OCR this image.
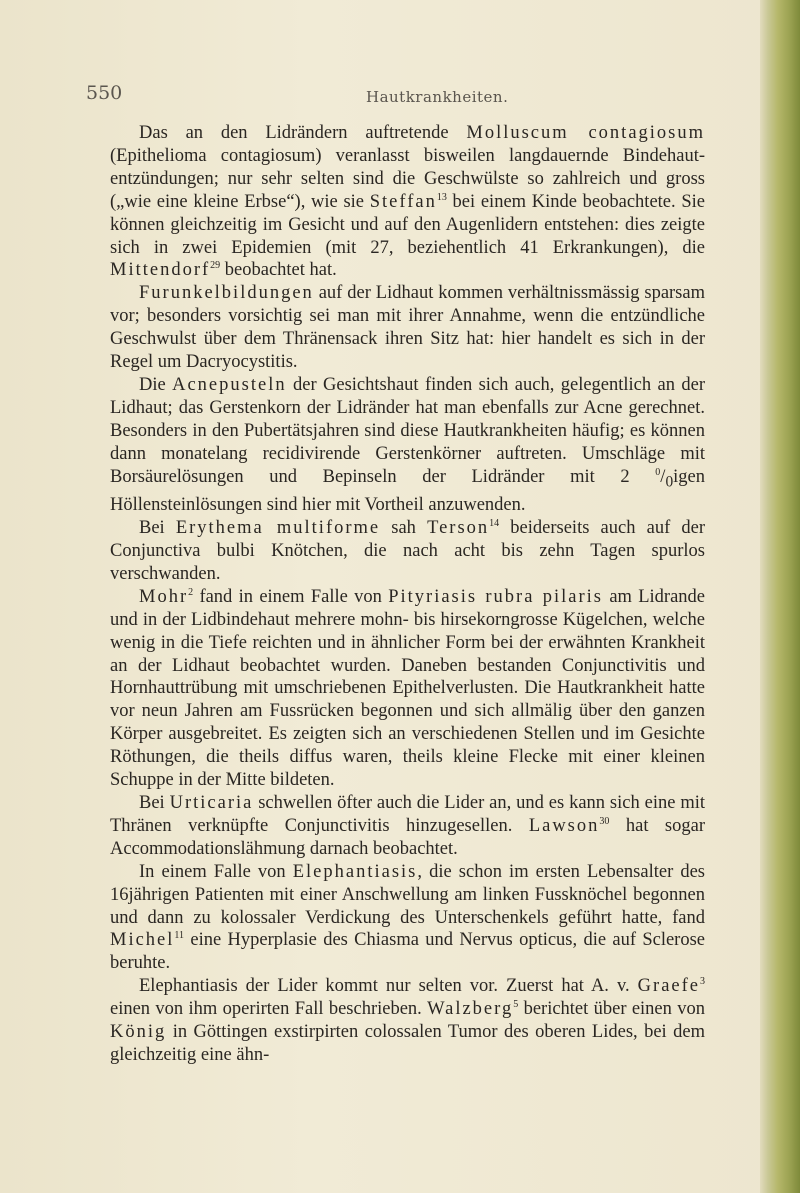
550	Hautkrankheiten.

Das an den Lidrändern auftretende Molluscum contagiosum (Epithelioma contagiosum) veranlasst bisweilen langdauernde Bindehaut-entzündungen; nur sehr selten sind die Geschwülste so zahlreich und gross („wie eine kleine Erbse“), wie sie Steffan$^{13}$ bei einem Kinde beobachtete. Sie können gleichzeitig im Gesicht und auf den Augenlidern entstehen: dies zeigte sich in zwei Epidemien (mit 27, beziehentlich 41 Erkrankungen), die Mittendorf$^{29}$ beobachtet hat.

Furunkelbildungen auf der Lidhaut kommen verhältnissmässig sparsam vor; besonders vorsichtig sei man mit ihrer Annahme, wenn die entzündliche Geschwulst über dem Thränensack ihren Sitz hat: hier handelt es sich in der Regel um Dacryocystitis.

Die Acnepusteln der Gesichtshaut finden sich auch, gelegentlich an der Lidhaut; das Gerstenkorn der Lidränder hat man ebenfalls zur Acne gerechnet. Besonders in den Pubertätsjahren sind diese Hautkrankheiten häufig; es können dann monatelang recidivirende Gerstenkörner auftreten. Umschläge mit Borsäurelösungen und Bepinseln der Lidränder mit 2 $^0/_0igen$ Höllensteinlösungen sind hier mit Vortheil anzuwenden.

Bei Erythema multiforme sah Terson$^{14}$ beiderseits auch auf der Conjunctiva bulbi Knötchen, die nach acht bis zehn Tagen spurlos verschwanden.

Mohr$^2$ fand in einem Falle von Pityriasis rubra pilaris am Lidrande und in der Lidbindehaut mehrere mohn- bis hirsekorngrosse Kügelchen, welche wenig in die Tiefe reichten und in ähnlicher Form bei der erwähnten Krankheit an der Lidhaut beobachtet wurden. Daneben bestanden Conjunctivitis und Hornhauttrübung mit umschriebenen Epithelverlusten. Die Hautkrankheit hatte vor neun Jahren am Fussrücken begonnen und sich allmälig über den ganzen Körper ausgebreitet. Es zeigten sich an verschiedenen Stellen und im Gesichte Röthungen, die theils diffus waren, theils kleine Flecke mit einer kleinen Schuppe in der Mitte bildeten.

Bei Urticaria schwellen öfter auch die Lider an, und es kann sich eine mit Thränen verknüpfte Conjunctivitis hinzugesellen. Lawson$^{30}$ hat sogar Accommodationslähmung darnach beobachtet.

In einem Falle von Elephantiasis, die schon im ersten Lebensalter des 16jährigen Patienten mit einer Anschwellung am linken Fussknöchel begonnen und dann zu kolossaler Verdickung des Unterschenkels geführt hatte, fand Michel$^{11}$ eine Hyperplasie des Chiasma und Nervus opticus, die auf Sclerose beruhte.

Elephantiasis der Lider kommt nur selten vor. Zuerst hat A. v. Graefe$^3$ einen von ihm operirten Fall beschrieben. Walzberg$^5$ berichtet über einen von König in Göttingen exstirpirten colossalen Tumor des oberen Lides, bei dem gleichzeitig eine ähn-
